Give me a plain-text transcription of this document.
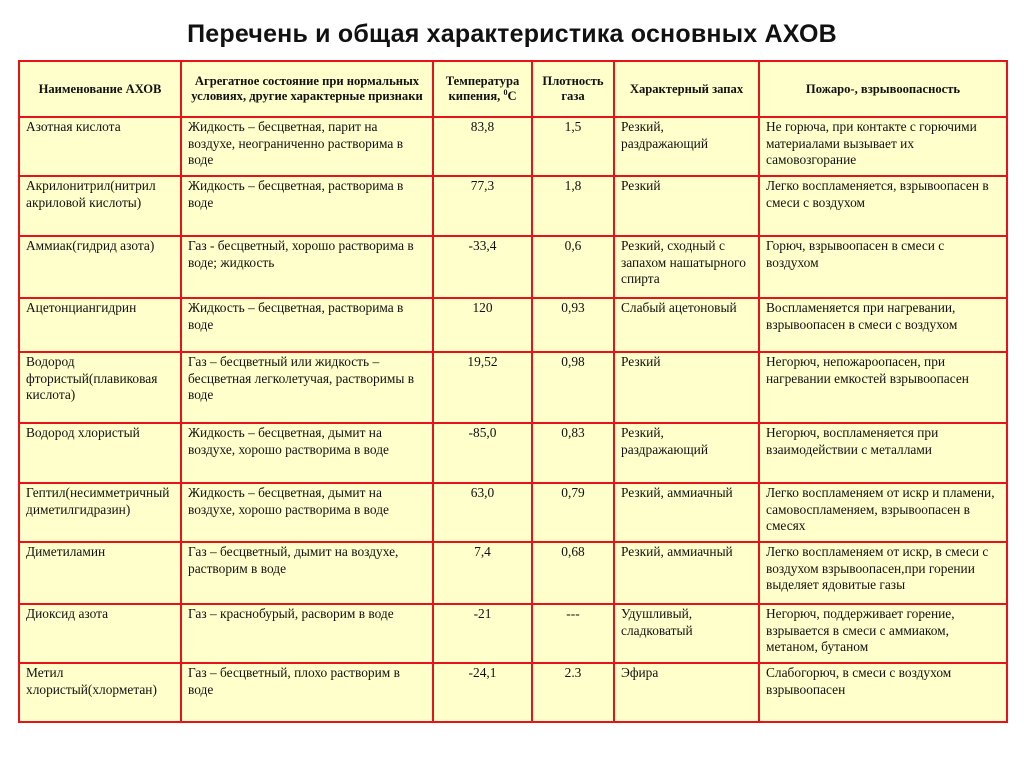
Перечень и общая характеристика основных АХОВ
Наименование АХОВ	Агрегатное состояние при нормальных условиях, другие характерные признаки	Температура кипения, $^0$С	Плотность газа	Характерный запах	Пожаро-, взрывоопасность
Азотная кислота	Жидкость – бесцветная, парит на воздухе, неограниченно растворима в воде	83,8	1,5	Резкий, раздражающий	Не горюча, при контакте с горючими материалами вызывает их самовозгорание
Акрилонитрил(нитрил акриловой кислоты)	Жидкость – бесцветная, растворима в воде	77,3	1,8	Резкий	Легко воспламеняется, взрывоопасен в смеси с воздухом
Аммиак(гидрид азота)	Газ - бесцветный, хорошо растворима в воде; жидкость	-33,4	0,6	Резкий, сходный с запахом нашатырного спирта	Горюч, взрывоопасен в смеси с воздухом
Ацетонциангидрин	Жидкость – бесцветная, растворима в воде	120	0,93	Слабый ацетоновый	Воспламеняется при нагревании, взрывоопасен в смеси с воздухом
Водород фтористый(плавиковая кислота)	Газ – бесцветный или жидкость – бесцветная легколетучая, растворимы в воде	19,52	0,98	Резкий	Негорюч, непожароопасен, при нагревании емкостей взрывоопасен
Водород хлористый	Жидкость – бесцветная, дымит на воздухе, хорошо растворима в воде	-85,0	0,83	Резкий, раздражающий	Негорюч, воспламеняется при взаимодействии с металлами
Гептил(несимметричный диметилгидразин)	Жидкость – бесцветная, дымит на воздухе, хорошо растворима в воде	63,0	0,79	Резкий, аммиачный	Легко воспламеняем от искр и пламени, самовоспламеняем, взрывоопасен в смесях
Диметиламин	Газ – бесцветный, дымит на воздухе, растворим в воде	7,4	0,68	Резкий, аммиачный	Легко воспламеняем от искр, в смеси с воздухом взрывоопасен,при горении выделяет ядовитые газы
Диоксид азота	Газ – краснобурый, расворим в воде	-21	---	Удушливый, сладковатый	Негорюч, поддерживает горение, взрывается в смеси с аммиаком, метаном, бутаном
Метил хлористый(хлорметан)	Газ – бесцветный, плохо растворим в воде	-24,1	2.3	Эфира	Слабогорюч, в смеси с воздухом взрывоопасен
